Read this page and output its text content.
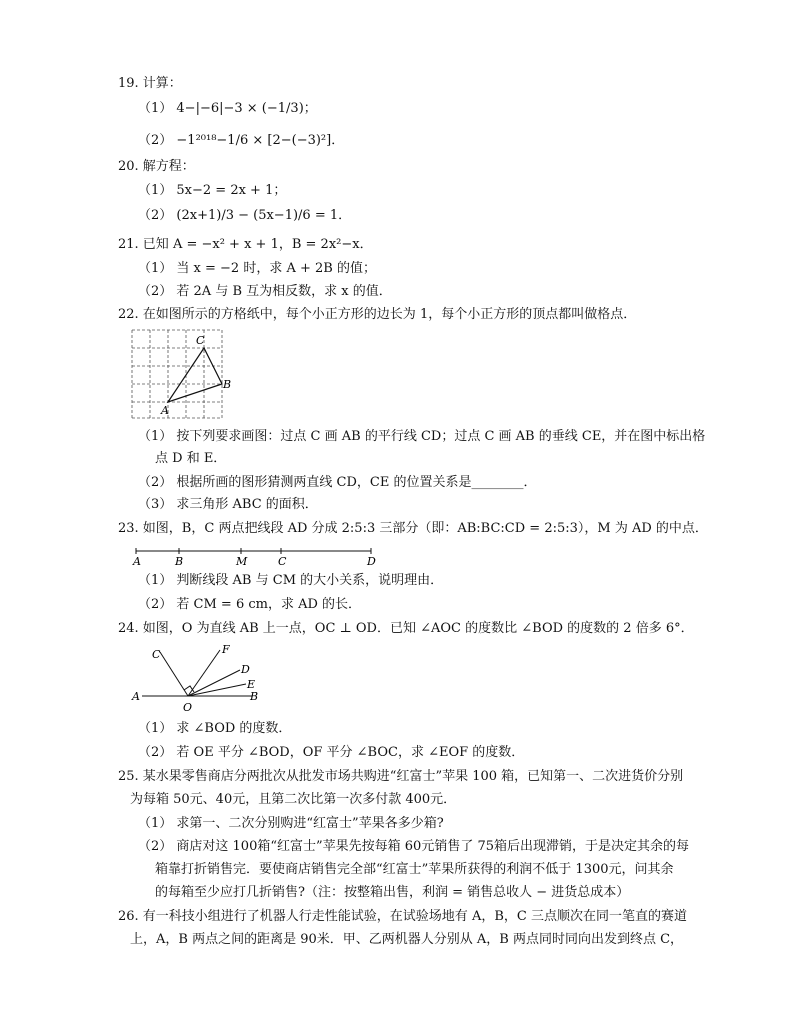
19. 计算：
（1） 4−|−6|−3 × (−1/3)；
（2） −1²⁰¹⁸−1/6 × [2−(−3)²]．
20. 解方程：
（1） 5x−2 = 2x + 1；
（2） (2x+1)/3 − (5x−1)/6 = 1．
21. 已知 A = −x² + x + 1，B = 2x²−x．
（1） 当 x = −2 时，求 A + 2B 的值；
（2） 若 2A 与 B 互为相反数，求 x 的值．
22. 在如图所示的方格纸中，每个小正方形的边长为 1，每个小正方形的顶点都叫做格点．
A
C
B
（1） 按下列要求画图：过点 C 画 AB 的平行线 CD；过点 C 画 AB 的垂线 CE，并在图中标出格
点 D 和 E．
（2） 根据所画的图形猜测两直线 CD，CE 的位置关系是________．
（3） 求三角形 ABC 的面积．
23. 如图，B，C 两点把线段 AD 分成 2:5:3 三部分（即：AB:BC:CD = 2:5:3），M 为 AD 的中点．
A	B	M	C	D
（1） 判断线段 AB 与 CM 的大小关系，说明理由．
（2） 若 CM = 6 cm，求 AD 的长．
24. 如图，O 为直线 AB 上一点，OC ⊥ OD．已知 ∠AOC 的度数比 ∠BOD 的度数的 2 倍多 6°．
C	F
D
E
A	B
O
（1） 求 ∠BOD 的度数．
（2） 若 OE 平分 ∠BOD，OF 平分 ∠BOC，求 ∠EOF 的度数．
25. 某水果零售商店分两批次从批发市场共购进“红富士”苹果 100 箱，已知第一、二次进货价分别
为每箱 50元、40元，且第二次比第一次多付款 400元．
（1） 求第一、二次分别购进“红富士”苹果各多少箱?
（2） 商店对这 100箱“红富士”苹果先按每箱 60元销售了 75箱后出现滞销，于是决定其余的每
箱靠打折销售完．要使商店销售完全部“红富士”苹果所获得的利润不低于 1300元，问其余
的每箱至少应打几折销售?（注：按整箱出售，利润 = 销售总收人 − 进货总成本）
26. 有一科技小组进行了机器人行走性能试验，在试验场地有 A，B，C 三点顺次在同一笔直的赛道
上，A，B 两点之间的距离是 90米．甲、乙两机器人分别从 A，B 两点同时同向出发到终点 C，
